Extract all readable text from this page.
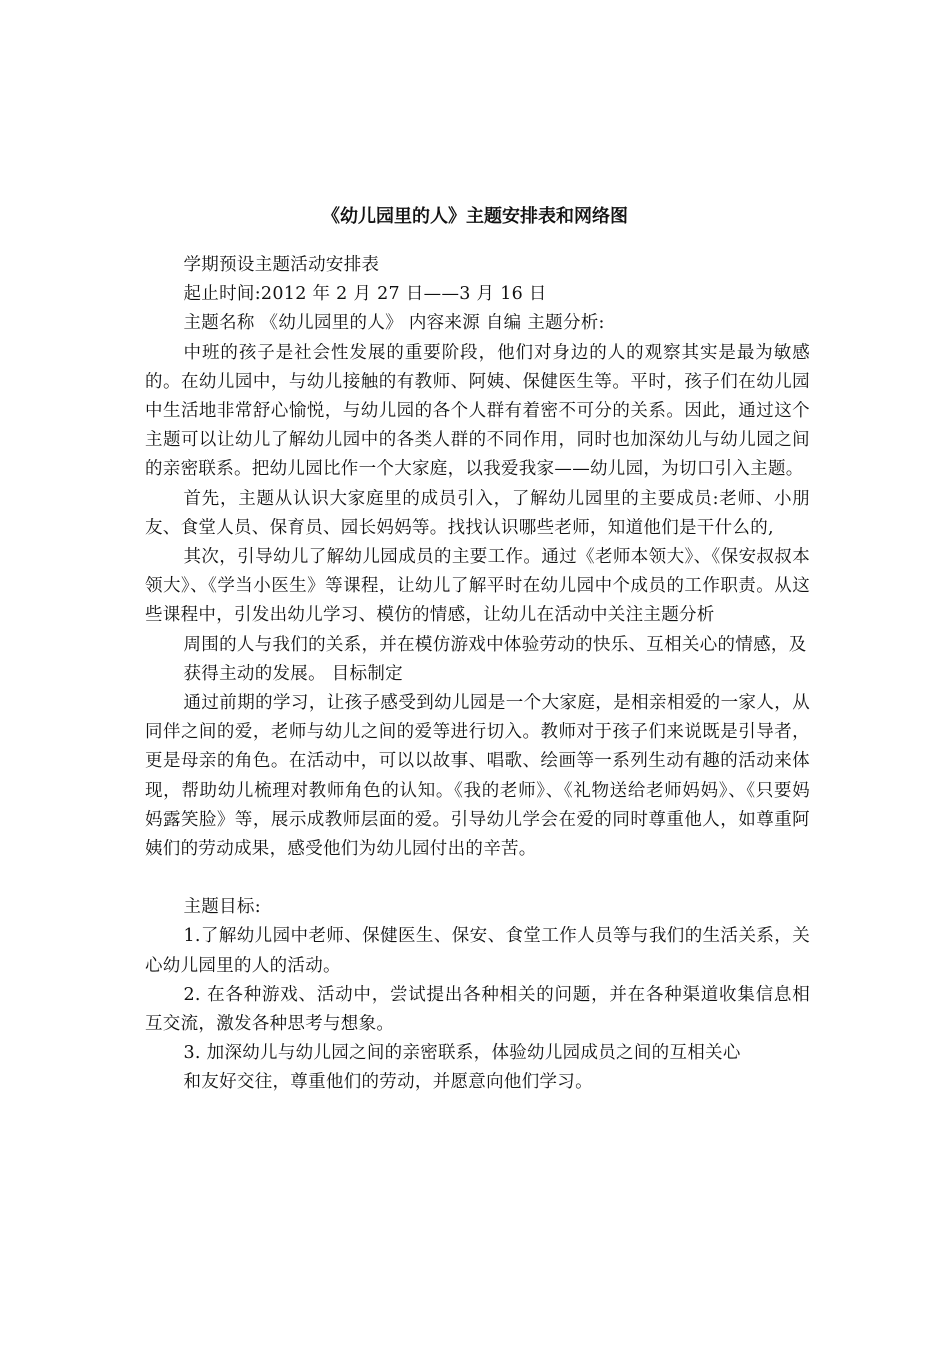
《幼儿园里的人》主题安排表和网络图

学期预设主题活动安排表

起止时间:2012 年 2 月 27 日——3 月 16 日

主题名称 《幼儿园里的人》 内容来源 自编 主题分析:

中班的孩子是社会性发展的重要阶段，他们对身边的人的观察其实是最为敏感的。在幼儿园中，与幼儿接触的有教师、阿姨、保健医生等。平时，孩子们在幼儿园中生活地非常舒心愉悦，与幼儿园的各个人群有着密不可分的关系。因此，通过这个主题可以让幼儿了解幼儿园中的各类人群的不同作用，同时也加深幼儿与幼儿园之间的亲密联系。把幼儿园比作一个大家庭，以我爱我家——幼儿园，为切口引入主题。

首先，主题从认识大家庭里的成员引入，了解幼儿园里的主要成员:老师、小朋友、食堂人员、保育员、园长妈妈等。找找认识哪些老师，知道他们是干什么的,

其次，引导幼儿了解幼儿园成员的主要工作。通过《老师本领大》、《保安叔叔本领大》、《学当小医生》等课程，让幼儿了解平时在幼儿园中个成员的工作职责。从这些课程中，引发出幼儿学习、模仿的情感，让幼儿在活动中关注主题分析

周围的人与我们的关系，并在模仿游戏中体验劳动的快乐、互相关心的情感，及

获得主动的发展。 目标制定

通过前期的学习，让孩子感受到幼儿园是一个大家庭，是相亲相爱的一家人，从同伴之间的爱，老师与幼儿之间的爱等进行切入。教师对于孩子们来说既是引导者，更是母亲的角色。在活动中，可以以故事、唱歌、绘画等一系列生动有趣的活动来体现，帮助幼儿梳理对教师角色的认知。《我的老师》、《礼物送给老师妈妈》、《只要妈妈露笑脸》等，展示成教师层面的爱。引导幼儿学会在爱的同时尊重他人，如尊重阿姨们的劳动成果，感受他们为幼儿园付出的辛苦。

主题目标:

1.了解幼儿园中老师、保健医生、保安、食堂工作人员等与我们的生活关系，关心幼儿园里的人的活动。

2. 在各种游戏、活动中，尝试提出各种相关的问题，并在各种渠道收集信息相互交流，激发各种思考与想象。

3. 加深幼儿与幼儿园之间的亲密联系，体验幼儿园成员之间的互相关心

和友好交往，尊重他们的劳动，并愿意向他们学习。
